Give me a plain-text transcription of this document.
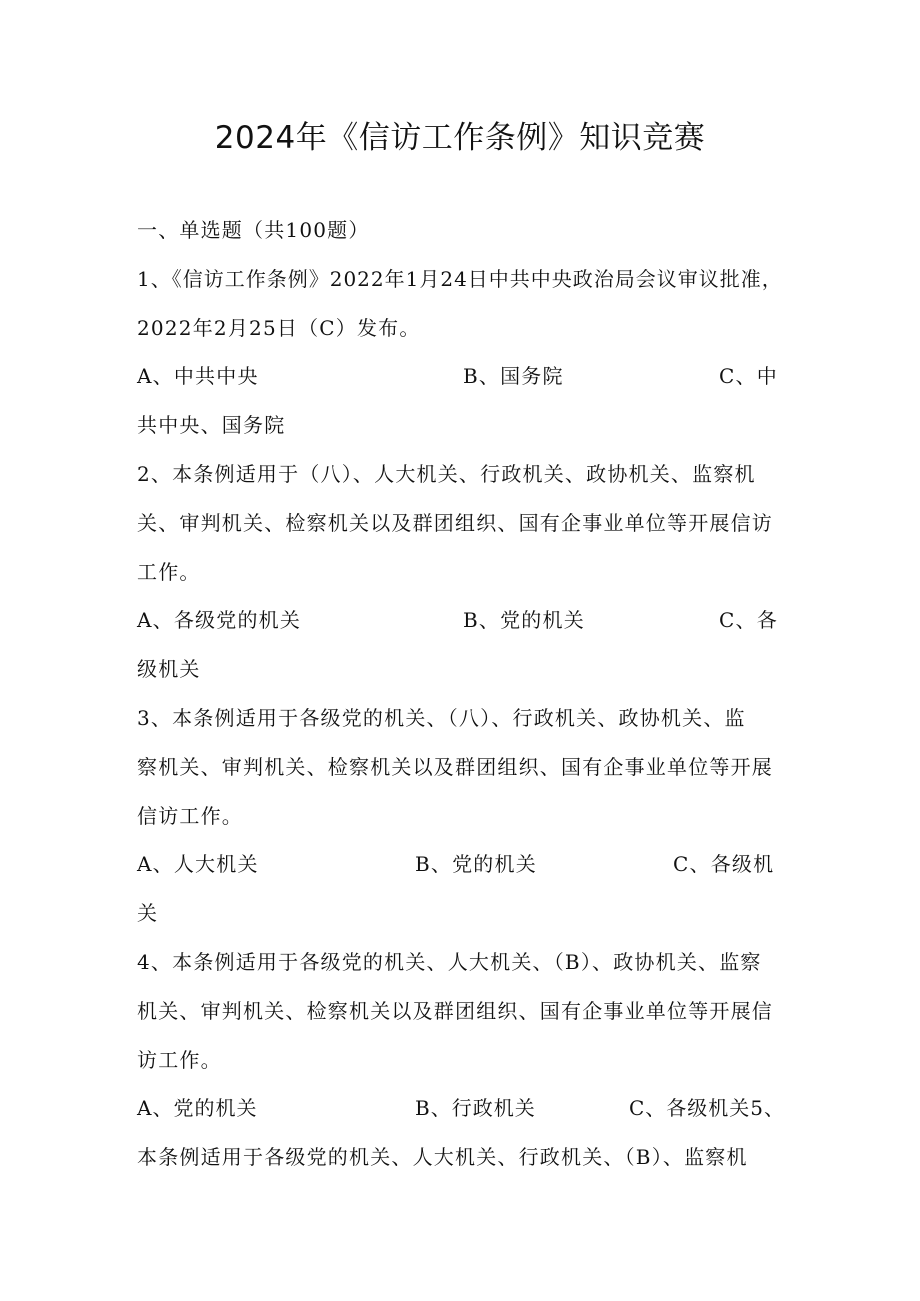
2024年《信访工作条例》知识竞赛
一、单选题（共100题）
1、《信访工作条例》2022年1月24日中共中央政治局会议审议批准，
2022年2月25日（C）发布。
A、中共中央	B、国务院	C、中
共中央、国务院
2、本条例适用于（八）、人大机关、行政机关、政协机关、监察机
关、审判机关、检察机关以及群团组织、国有企事业单位等开展信访
工作。
A、各级党的机关	B、党的机关	C、各
级机关
3、本条例适用于各级党的机关、（八）、行政机关、政协机关、监
察机关、审判机关、检察机关以及群团组织、国有企事业单位等开展
信访工作。
A、人大机关	B、党的机关	C、各级机
关
4、本条例适用于各级党的机关、人大机关、（B）、政协机关、监察
机关、审判机关、检察机关以及群团组织、国有企事业单位等开展信
访工作。
A、党的机关	B、行政机关	C、各级机关5、
本条例适用于各级党的机关、人大机关、行政机关、（B）、监察机
